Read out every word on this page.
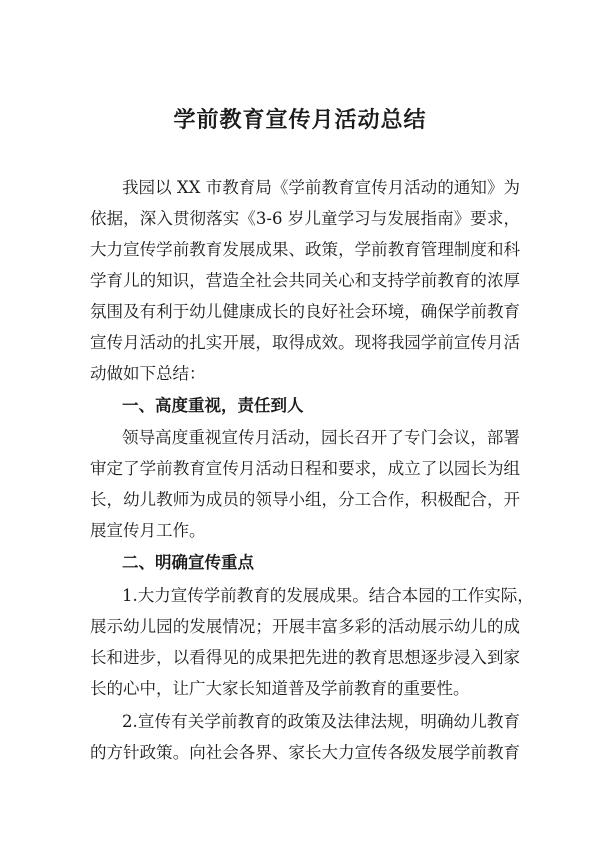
学前教育宣传月活动总结

我园以 XX 市教育局《学前教育宣传月活动的通知》为

依据，深入贯彻落实《3-6 岁儿童学习与发展指南》要求，

大力宣传学前教育发展成果、政策，学前教育管理制度和科

学育儿的知识，营造全社会共同关心和支持学前教育的浓厚

氛围及有利于幼儿健康成长的良好社会环境，确保学前教育

宣传月活动的扎实开展，取得成效。现将我园学前宣传月活

动做如下总结：

一、高度重视，责任到人

领导高度重视宣传月活动，园长召开了专门会议，部署

审定了学前教育宣传月活动日程和要求，成立了以园长为组

长，幼儿教师为成员的领导小组，分工合作，积极配合，开

展宣传月工作。

二、明确宣传重点

1.大力宣传学前教育的发展成果。结合本园的工作实际，

展示幼儿园的发展情况；开展丰富多彩的活动展示幼儿的成

长和进步，以看得见的成果把先进的教育思想逐步浸入到家

长的心中，让广大家长知道普及学前教育的重要性。

2.宣传有关学前教育的政策及法律法规，明确幼儿教育

的方针政策。向社会各界、家长大力宣传各级发展学前教育
